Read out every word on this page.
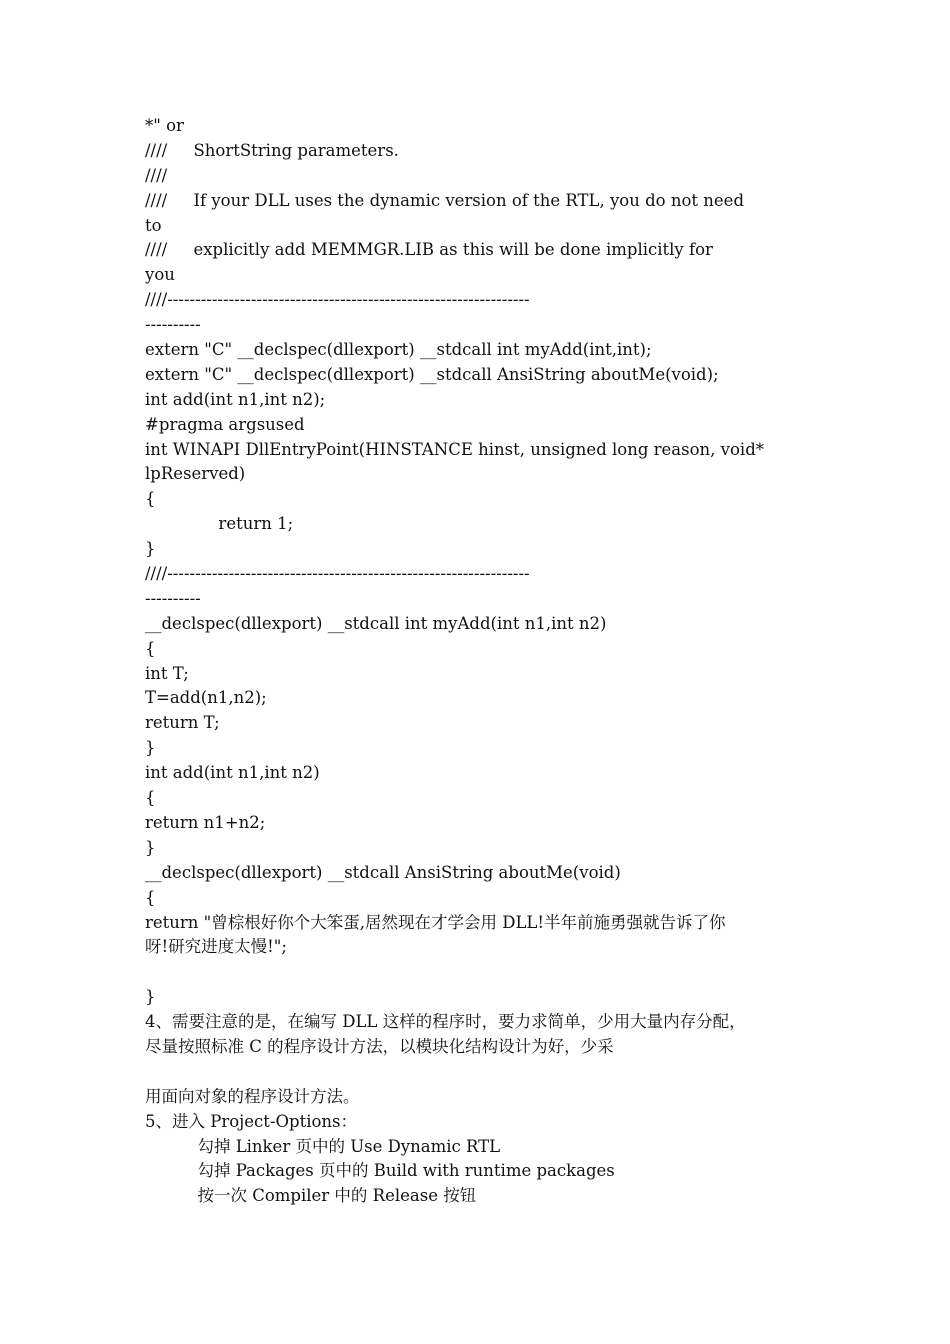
*" or
////     ShortString parameters.
////
////     If your DLL uses the dynamic version of the RTL, you do not need
to
////     explicitly add MEMMGR.LIB as this will be done implicitly for
you
////-----------------------------------------------------------------
----------
extern "C" __declspec(dllexport) __stdcall int myAdd(int,int);
extern "C" __declspec(dllexport) __stdcall AnsiString aboutMe(void);
int add(int n1,int n2);
#pragma argsused
int WINAPI DllEntryPoint(HINSTANCE hinst, unsigned long reason, void*
lpReserved)
{
return 1;
}
////-----------------------------------------------------------------
----------
__declspec(dllexport) __stdcall int myAdd(int n1,int n2)
{
int T;
T=add(n1,n2);
return T;
}
int add(int n1,int n2)
{
return n1+n2;
}
__declspec(dllexport) __stdcall AnsiString aboutMe(void)
{
return "曾棕根好你个大笨蛋,居然现在才学会用 DLL!半年前施勇强就告诉了你
呀!研究进度太慢!";
}
4、需要注意的是，在编写 DLL 这样的程序时，要力求简单，少用大量内存分配，
尽量按照标准 C 的程序设计方法，以模块化结构设计为好，少采
用面向对象的程序设计方法。
5、进入 Project-Options：
勾掉 Linker 页中的 Use Dynamic RTL
勾掉 Packages 页中的 Build with runtime packages
按一次 Compiler 中的 Release 按钮
